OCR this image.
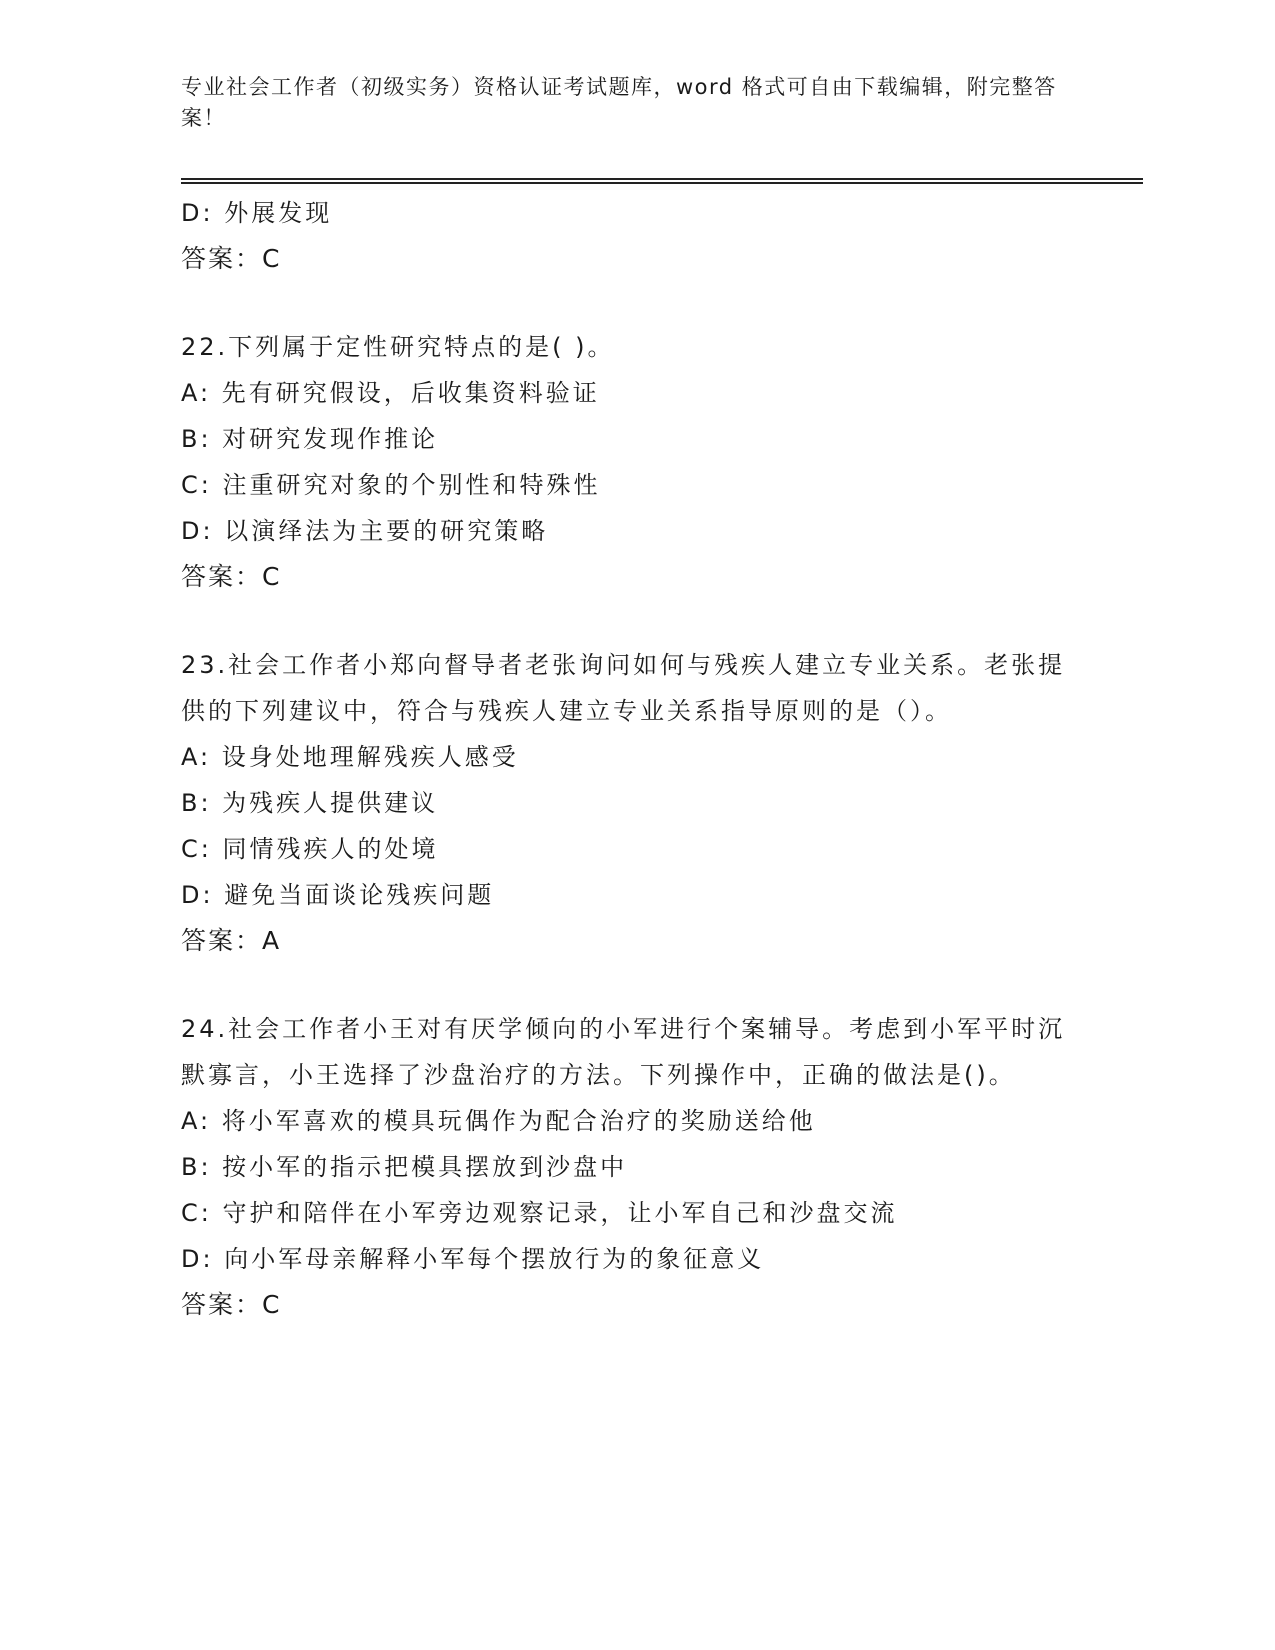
专业社会工作者（初级实务）资格认证考试题库，word 格式可自由下载编辑，附完整答案！
D: 外展发现
答案：C
22.下列属于定性研究特点的是( )。
A: 先有研究假设，后收集资料验证
B: 对研究发现作推论
C: 注重研究对象的个别性和特殊性
D: 以演绎法为主要的研究策略
答案：C
23.社会工作者小郑向督导者老张询问如何与残疾人建立专业关系。老张提供的下列建议中，符合与残疾人建立专业关系指导原则的是（）。
A: 设身处地理解残疾人感受
B: 为残疾人提供建议
C: 同情残疾人的处境
D: 避免当面谈论残疾问题
答案：A
24.社会工作者小王对有厌学倾向的小军进行个案辅导。考虑到小军平时沉默寡言，小王选择了沙盘治疗的方法。下列操作中，正确的做法是()。
A: 将小军喜欢的模具玩偶作为配合治疗的奖励送给他
B: 按小军的指示把模具摆放到沙盘中
C: 守护和陪伴在小军旁边观察记录，让小军自己和沙盘交流
D: 向小军母亲解释小军每个摆放行为的象征意义
答案：C
